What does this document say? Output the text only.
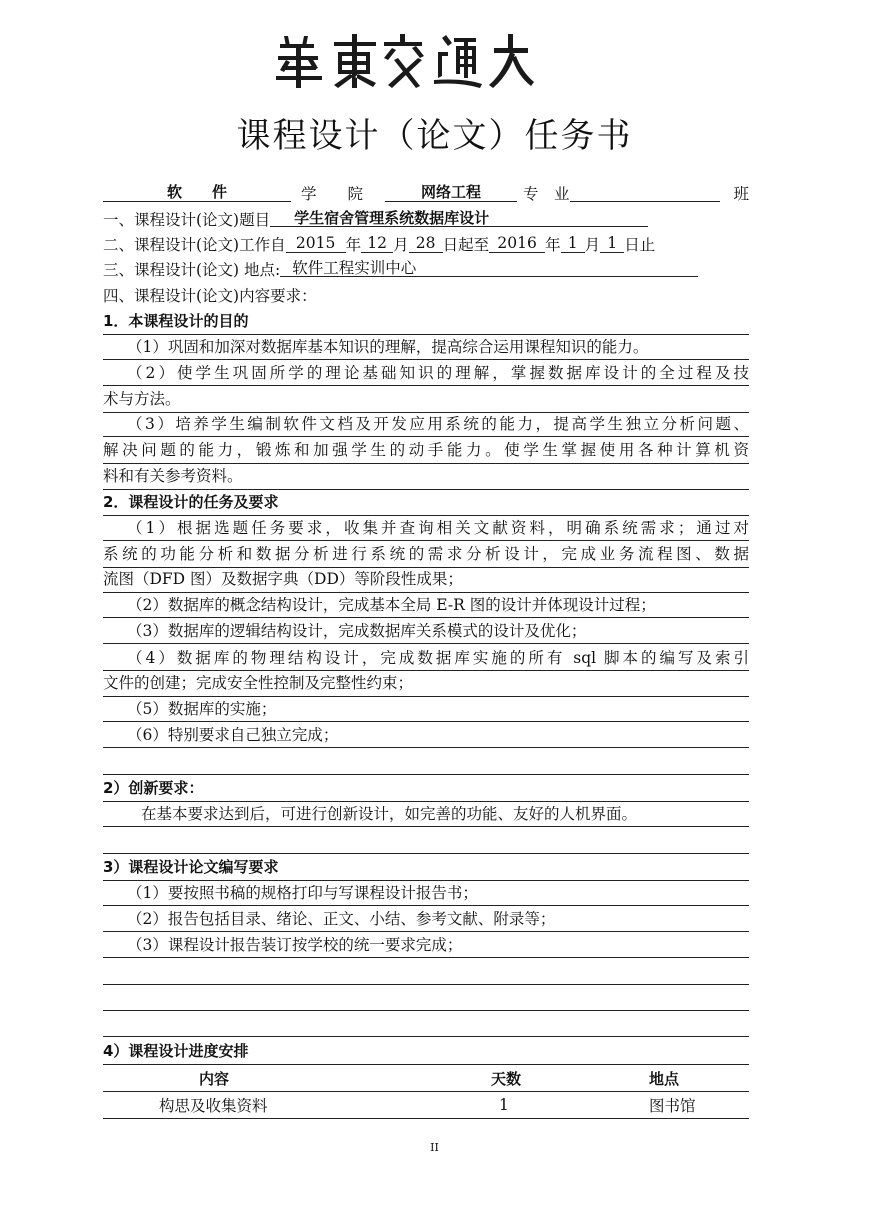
课程设计（论文）任务书
软　　件	学　　院	网络工程	专　业	班
一、课程设计(论文)题目 学生宿舍管理系统数据库设计
二、课程设计(论文)工作自 2015 年 12 月 28 日起至 2016 年 1 月 1 日止
三、课程设计(论文) 地点: 软件工程实训中心
四、课程设计(论文)内容要求：
1．本课程设计的目的
（1）巩固和加深对数据库基本知识的理解，提高综合运用课程知识的能力。
（2）使学生巩固所学的理论基础知识的理解，掌握数据库设计的全过程及技
术与方法。
（3）培养学生编制软件文档及开发应用系统的能力，提高学生独立分析问题、
解决问题的能力，锻炼和加强学生的动手能力。使学生掌握使用各种计算机资
料和有关参考资料。
2．课程设计的任务及要求
（1）根据选题任务要求，收集并查询相关文献资料，明确系统需求；通过对
系统的功能分析和数据分析进行系统的需求分析设计，完成业务流程图、数据
流图（DFD 图）及数据字典（DD）等阶段性成果；
（2）数据库的概念结构设计，完成基本全局 E-R 图的设计并体现设计过程；
（3）数据库的逻辑结构设计，完成数据库关系模式的设计及优化；
（4）数据库的物理结构设计，完成数据库实施的所有 sql 脚本的编写及索引
文件的创建；完成安全性控制及完整性约束；
（5）数据库的实施；
（6）特别要求自己独立完成；
2）创新要求：
在基本要求达到后，可进行创新设计，如完善的功能、友好的人机界面。
3）课程设计论文编写要求
（1）要按照书稿的规格打印与写课程设计报告书；
（2）报告包括目录、绪论、正文、小结、参考文献、附录等；
（3）课程设计报告装订按学校的统一要求完成；
4）课程设计进度安排
内容	天数	地点
构思及收集资料	1	图书馆
II
